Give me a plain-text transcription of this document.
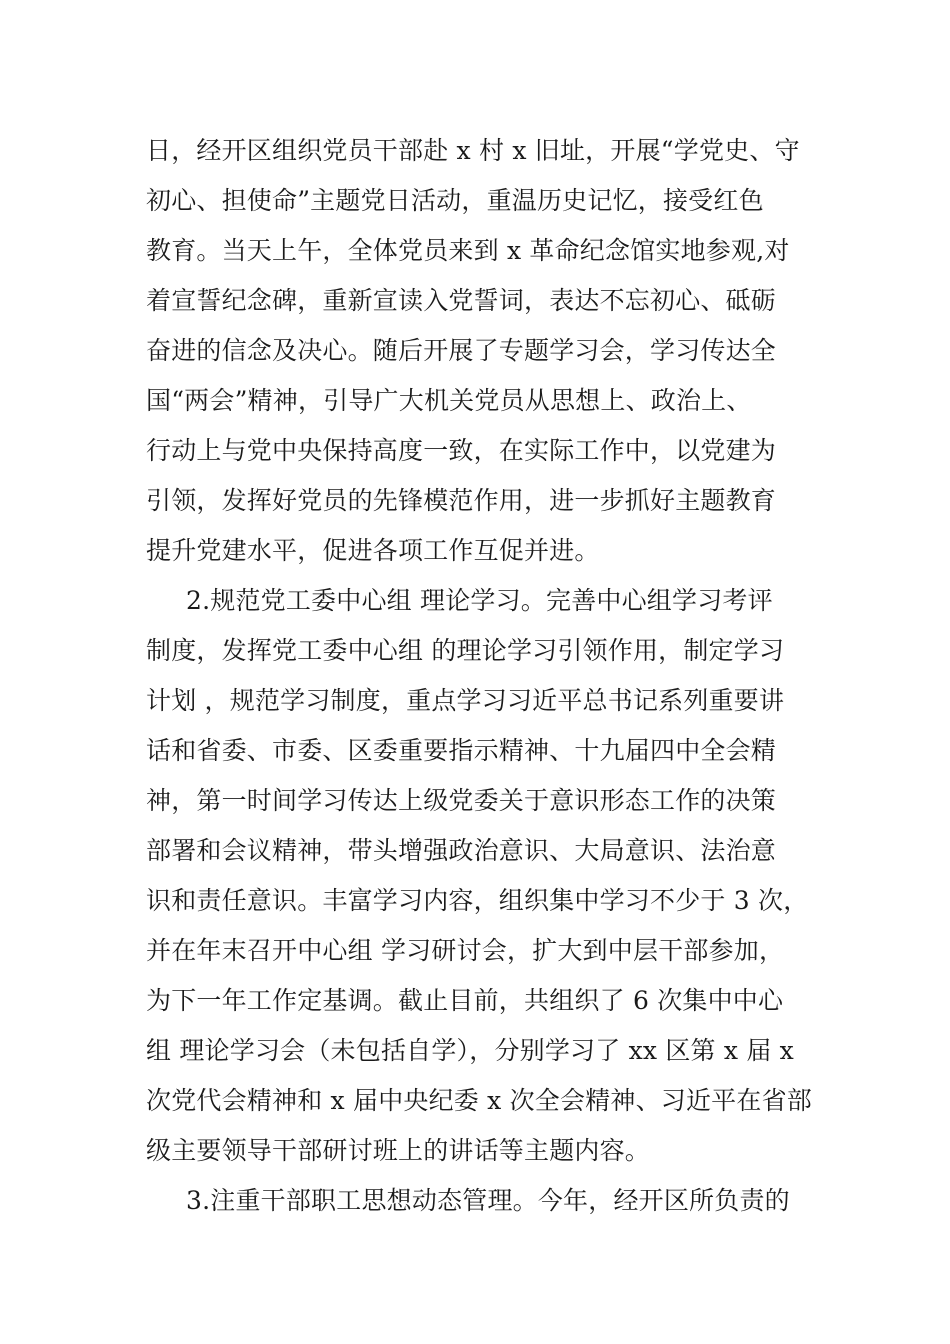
日，经开区组织党员干部赴 x 村 x 旧址，开展“学党史、守
初心、担使命”主题党日活动，重温历史记忆，接受红色
教育。当天上午，全体党员来到 x 革命纪念馆实地参观,对
着宣誓纪念碑，重新宣读入党誓词，表达不忘初心、砥砺
奋进的信念及决心。随后开展了专题学习会，学习传达全
国“两会”精神，引导广大机关党员从思想上、政治上、
行动上与党中央保持高度一致，在实际工作中，以党建为
引领，发挥好党员的先锋模范作用，进一步抓好主题教育
提升党建水平，促进各项工作互促并进。
2.规范党工委中心组 理论学习。完善中心组学习考评
制度，发挥党工委中心组 的理论学习引领作用，制定学习
计划 ，规范学习制度，重点学习习近平总书记系列重要讲
话和省委、市委、区委重要指示精神、十九届四中全会精
神，第一时间学习传达上级党委关于意识形态工作的决策
部署和会议精神，带头增强政治意识、大局意识、法治意
识和责任意识。丰富学习内容，组织集中学习不少于 3 次，
并在年末召开中心组 学习研讨会，扩大到中层干部参加，
为下一年工作定基调。截止目前，共组织了 6 次集中中心
组 理论学习会（未包括自学），分别学习了 xx 区第 x 届 x
次党代会精神和 x 届中央纪委 x 次全会精神、习近平在省部
级主要领导干部研讨班上的讲话等主题内容。
3.注重干部职工思想动态管理。今年，经开区所负责的
